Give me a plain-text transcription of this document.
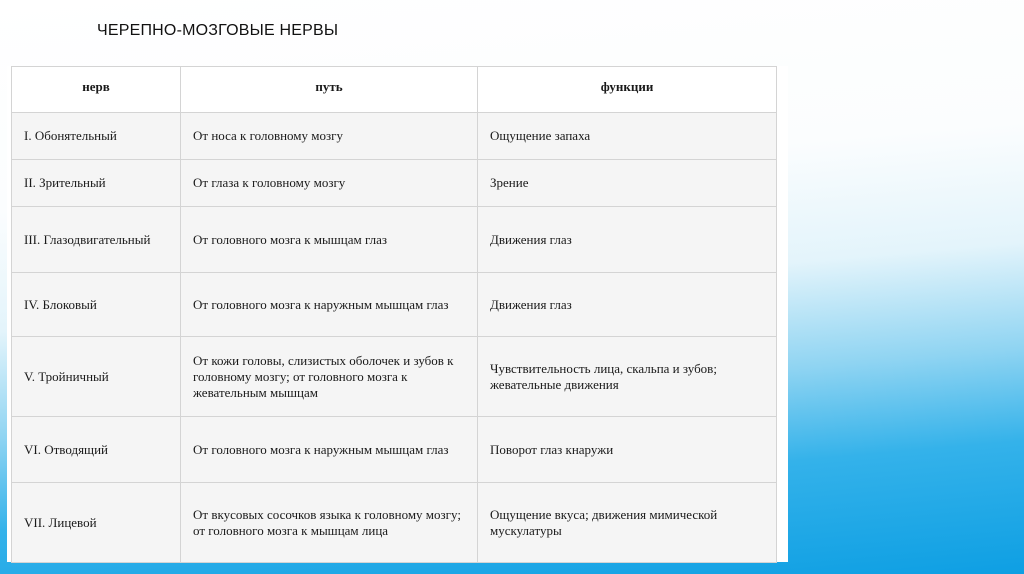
ЧЕРЕПНО-МОЗГОВЫЕ НЕРВЫ
нерв	путь	функции
I. Обонятельный	От носа к головному мозгу	Ощущение запаха
II. Зрительный	От глаза к головному мозгу	Зрение
III. Глазодвигательный	От головного мозга к мышцам глаз	Движения глаз
IV. Блоковый	От головного мозга к наружным мышцам глаз	Движения глаз
V. Тройничный	От кожи головы, слизистых оболочек и зубов к головному мозгу; от головного мозга к жевательным мышцам	Чувствительность лица, скальпа и зубов; жевательные движения
VI. Отводящий	От головного мозга к наружным мышцам глаз	Поворот глаз кнаружи
VII. Лицевой	От вкусовых сосочков языка к головному мозгу; от головного мозга к мышцам лица	Ощущение вкуса; движения мимической мускулатуры
